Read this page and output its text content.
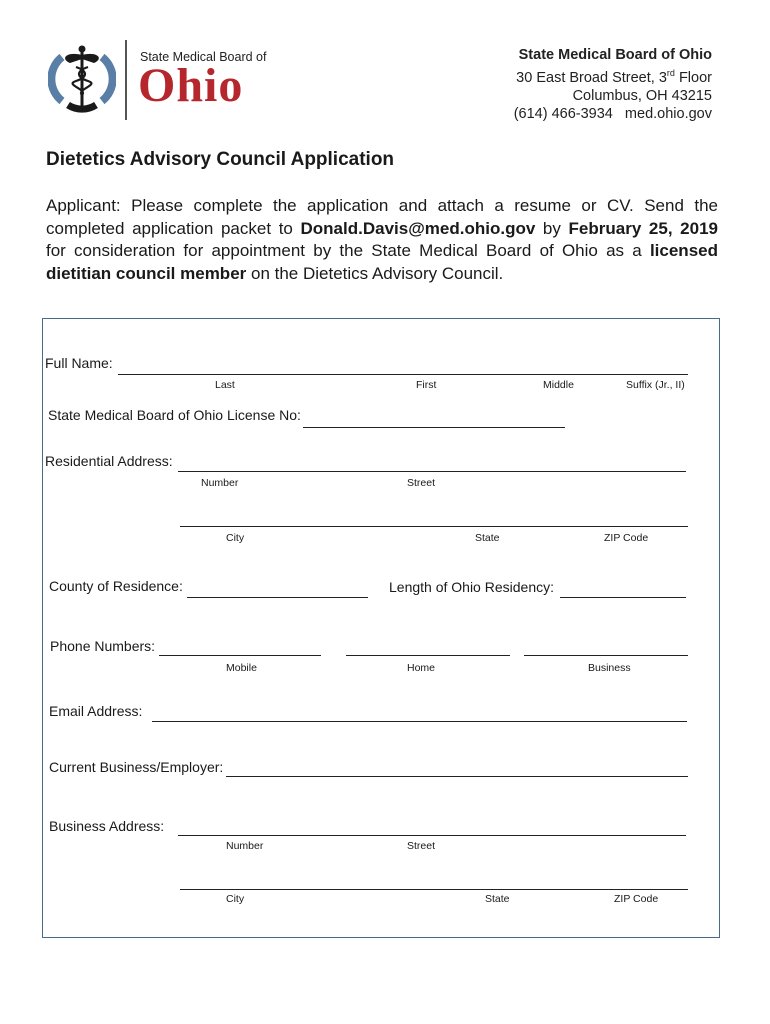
State Medical Board of
Ohio
State Medical Board of Ohio
30 East Broad Street, 3rd Floor
Columbus, OH 43215
(614) 466-3934   med.ohio.gov
Dietetics Advisory Council Application
Applicant: Please complete the application and attach a resume or CV. Send the completed application packet to Donald.Davis@med.ohio.gov by February 25, 2019 for consideration for appointment by the State Medical Board of Ohio as a licensed dietitian council member on the Dietetics Advisory Council.
Full Name:
Last	First	Middle	Suffix (Jr., II)
State Medical Board of Ohio License No:
Residential Address:
Number	Street
City	State	ZIP Code
County of Residence:	Length of Ohio Residency:
Phone Numbers:
Mobile	Home	Business
Email Address:
Current Business/Employer:
Business Address:
Number	Street
City	State	ZIP Code
